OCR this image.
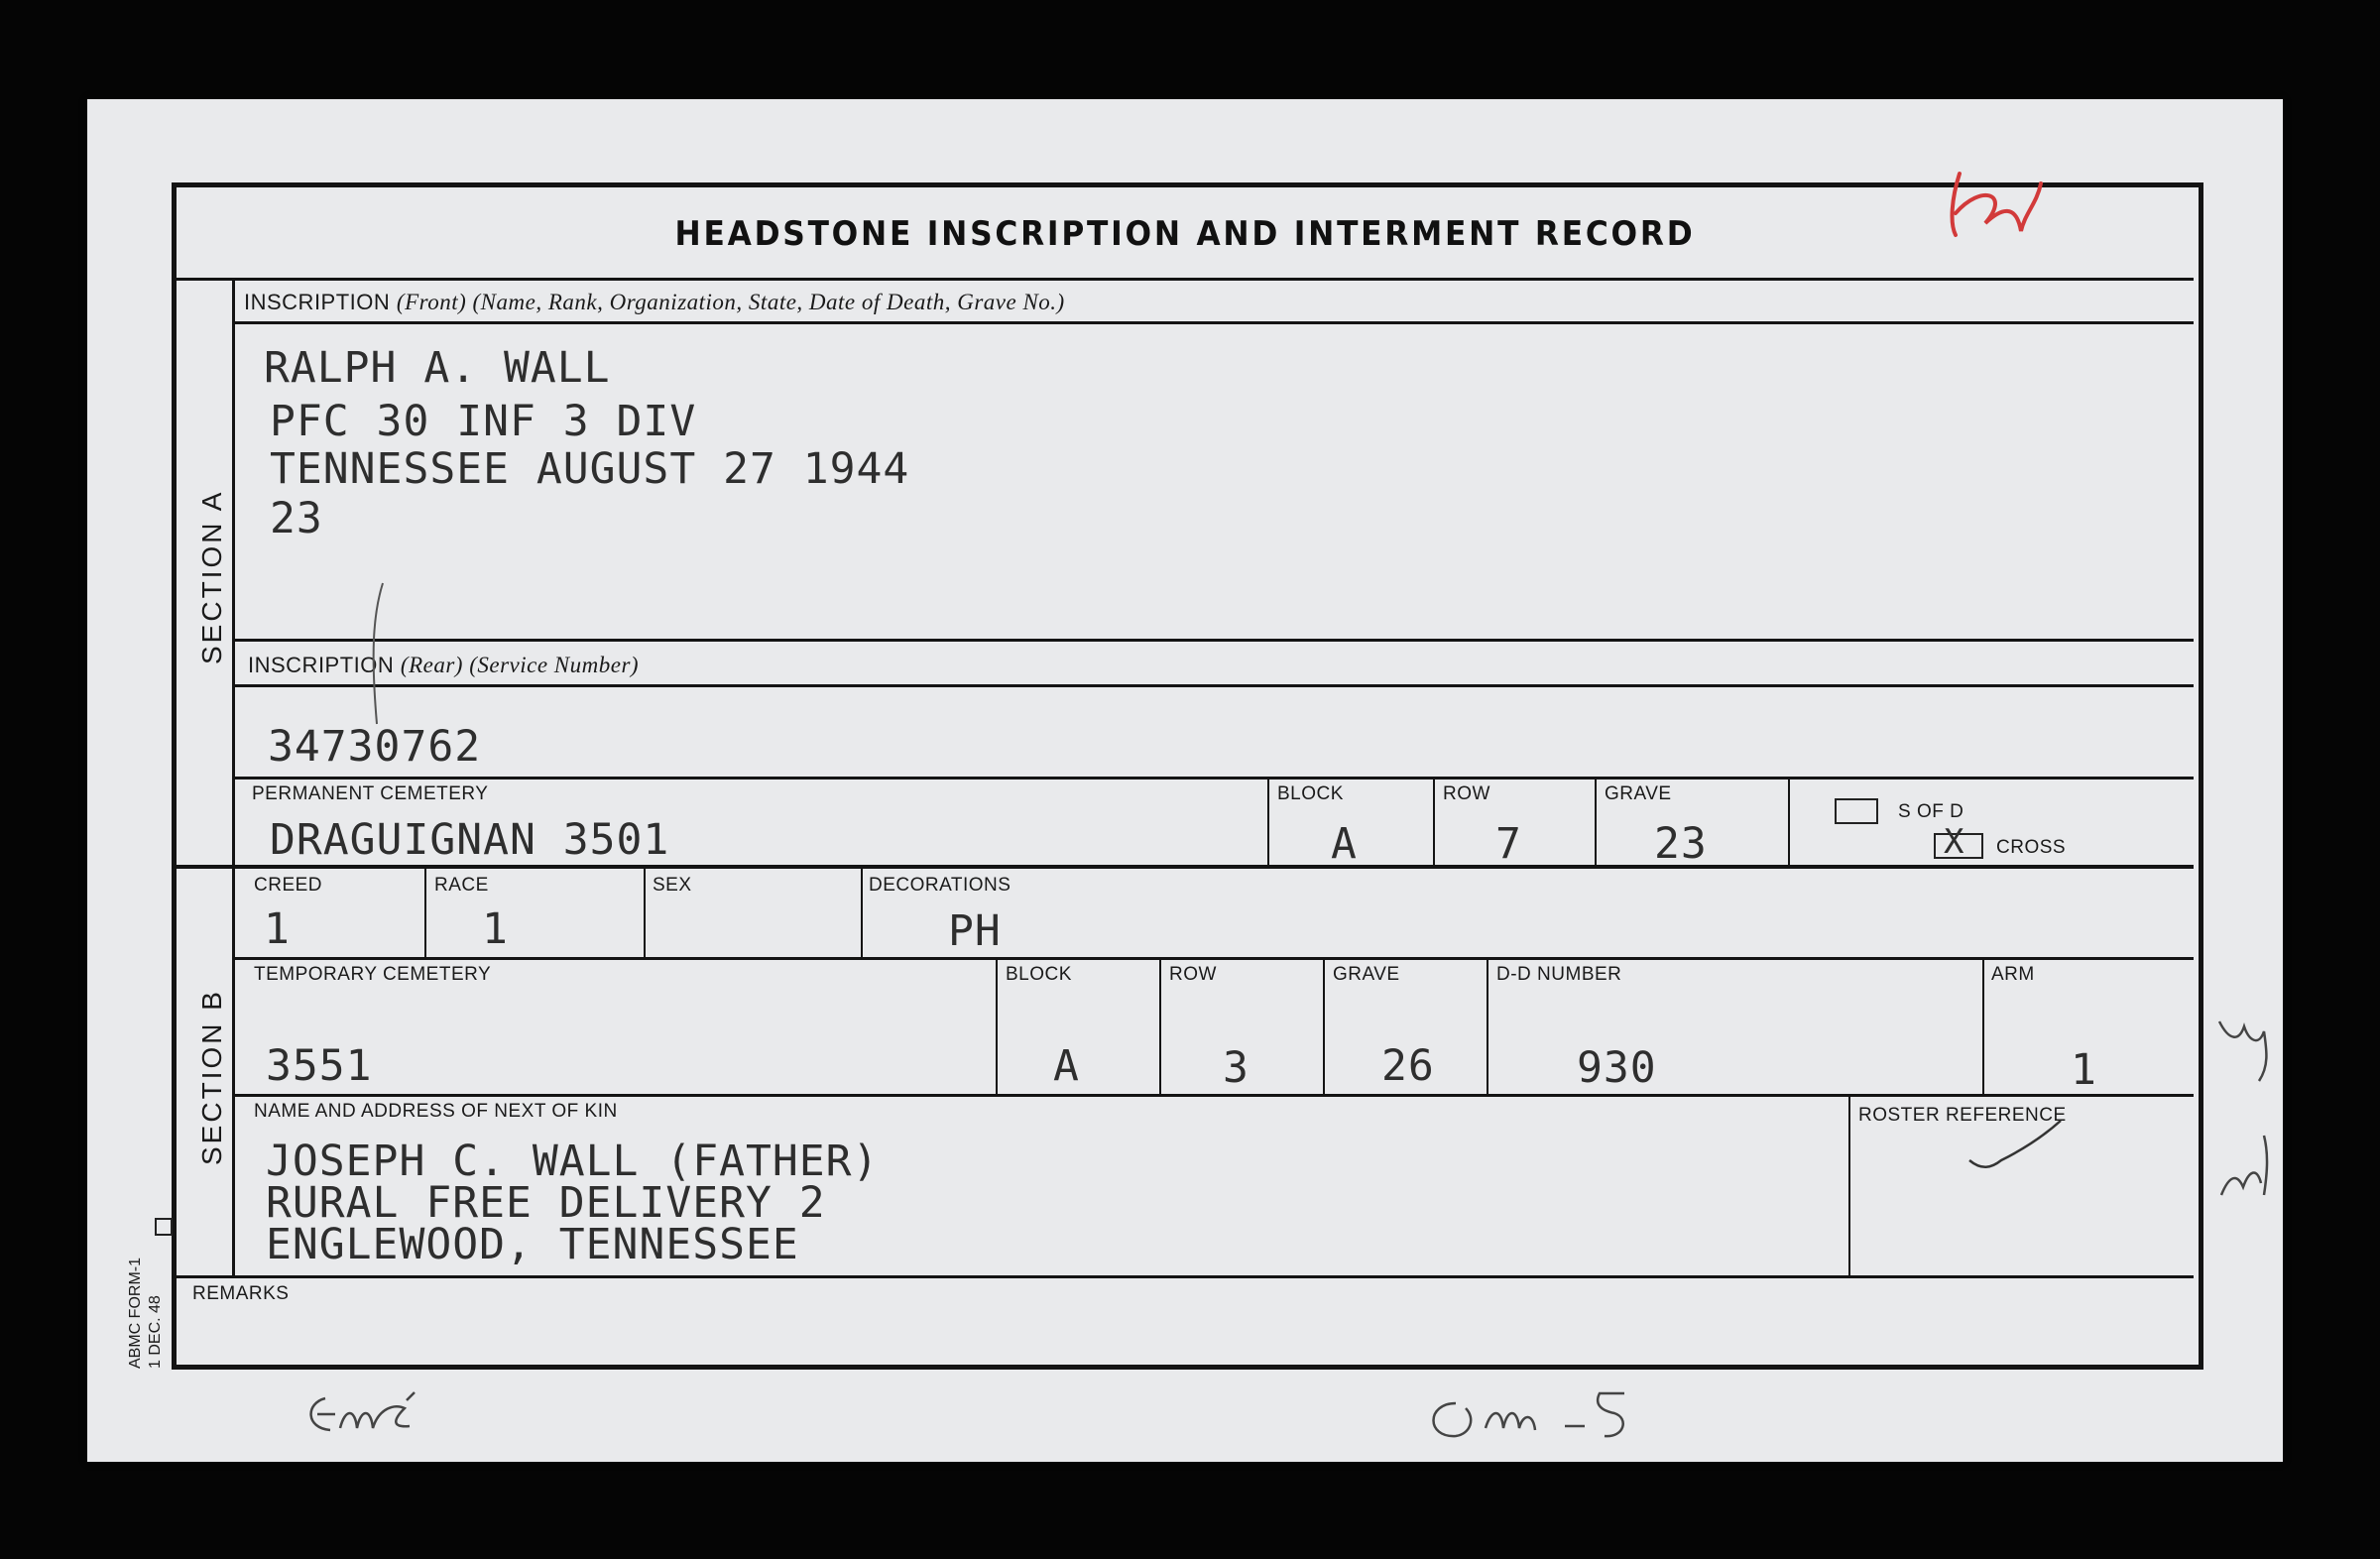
HEADSTONE INSCRIPTION AND INTERMENT RECORD
SECTION A
SECTION B
INSCRIPTION (Front) (Name, Rank, Organization, State, Date of Death, Grave No.)
RALPH A. WALL
PFC 30 INF 3 DIV
TENNESSEE AUGUST 27 1944
23
INSCRIPTION (Rear) (Service Number)
34730762
PERMANENT CEMETERY
DRAGUIGNAN 3501
BLOCK
A
ROW
7
GRAVE
23
S OF D
X CROSS
CREED
1
RACE
1
SEX	DECORATIONS
PH
TEMPORARY CEMETERY
3551
BLOCK
A
ROW
3
GRAVE
26
D-D NUMBER
930
ARM
1
NAME AND ADDRESS OF NEXT OF KIN
JOSEPH C. WALL (FATHER)
RURAL FREE DELIVERY 2
ENGLEWOOD, TENNESSEE
ROSTER REFERENCE
REMARKS
ABMC FORM-1 1 DEC. 48
